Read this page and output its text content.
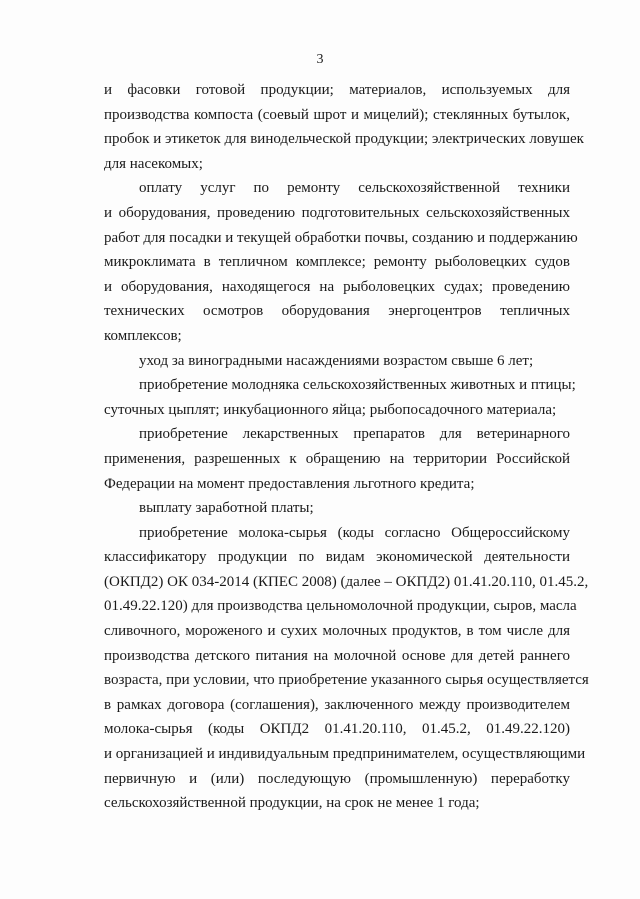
3
и фасовки готовой продукции; материалов, используемых для
производства компоста (соевый шрот и мицелий); стеклянных бутылок,
пробок и этикеток для винодельческой продукции; электрических ловушек
для насекомых;
оплату услуг по ремонту сельскохозяйственной техники
и оборудования, проведению подготовительных сельскохозяйственных
работ для посадки и текущей обработки почвы, созданию и поддержанию
микроклимата в тепличном комплексе; ремонту рыболовецких судов
и оборудования, находящегося на рыболовецких судах; проведению
технических осмотров оборудования энергоцентров тепличных
комплексов;
уход за виноградными насаждениями возрастом свыше 6 лет;
приобретение молодняка сельскохозяйственных животных и птицы;
суточных цыплят; инкубационного яйца; рыбопосадочного материала;
приобретение лекарственных препаратов для ветеринарного
применения, разрешенных к обращению на территории Российской
Федерации на момент предоставления льготного кредита;
выплату заработной платы;
приобретение молока-сырья (коды согласно Общероссийскому
классификатору продукции по видам экономической деятельности
(ОКПД2) ОК 034-2014 (КПЕС 2008) (далее – ОКПД2) 01.41.20.110, 01.45.2,
01.49.22.120) для производства цельномолочной продукции, сыров, масла
сливочного, мороженого и сухих молочных продуктов, в том числе для
производства детского питания на молочной основе для детей раннего
возраста, при условии, что приобретение указанного сырья осуществляется
в рамках договора (соглашения), заключенного между производителем
молока-сырья (коды ОКПД2 01.41.20.110, 01.45.2, 01.49.22.120)
и организацией и индивидуальным предпринимателем, осуществляющими
первичную и (или) последующую (промышленную) переработку
сельскохозяйственной продукции, на срок не менее 1 года;
